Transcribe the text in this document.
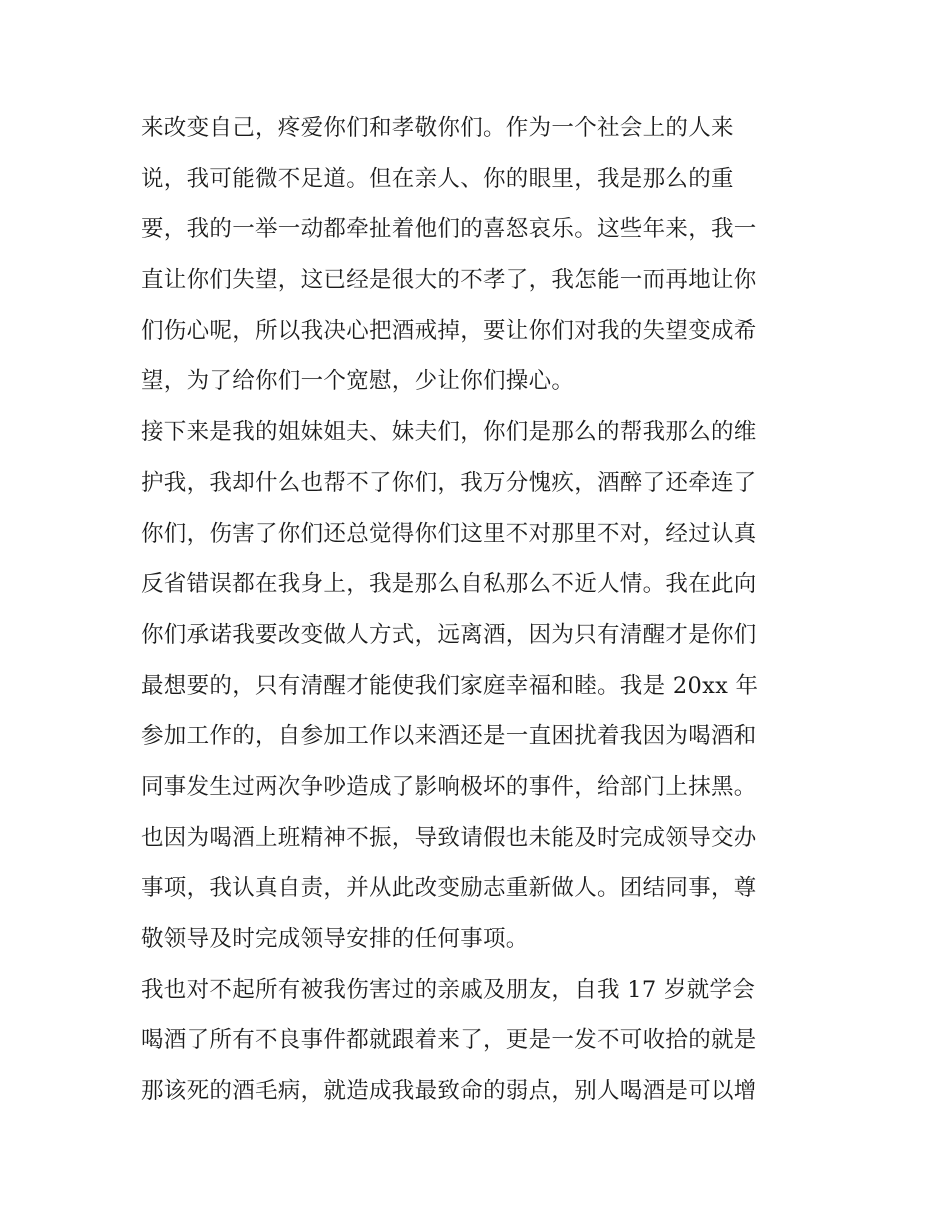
来改变自己，疼爱你们和孝敬你们。作为一个社会上的人来
说，我可能微不足道。但在亲人、你的眼里，我是那么的重
要，我的一举一动都牵扯着他们的喜怒哀乐。这些年来，我一
直让你们失望，这已经是很大的不孝了，我怎能一而再地让你
们伤心呢，所以我决心把酒戒掉，要让你们对我的失望变成希
望，为了给你们一个宽慰，少让你们操心。
接下来是我的姐妹姐夫、妹夫们，你们是那么的帮我那么的维
护我，我却什么也帮不了你们，我万分愧疚，酒醉了还牵连了
你们，伤害了你们还总觉得你们这里不对那里不对，经过认真
反省错误都在我身上，我是那么自私那么不近人情。我在此向
你们承诺我要改变做人方式，远离酒，因为只有清醒才是你们
最想要的，只有清醒才能使我们家庭幸福和睦。我是 20xx 年
参加工作的，自参加工作以来酒还是一直困扰着我因为喝酒和
同事发生过两次争吵造成了影响极坏的事件，给部门上抹黑。
也因为喝酒上班精神不振，导致请假也未能及时完成领导交办
事项，我认真自责，并从此改变励志重新做人。团结同事，尊
敬领导及时完成领导安排的任何事项。
我也对不起所有被我伤害过的亲戚及朋友，自我 17 岁就学会
喝酒了所有不良事件都就跟着来了，更是一发不可收拾的就是
那该死的酒毛病，就造成我最致命的弱点，别人喝酒是可以增
